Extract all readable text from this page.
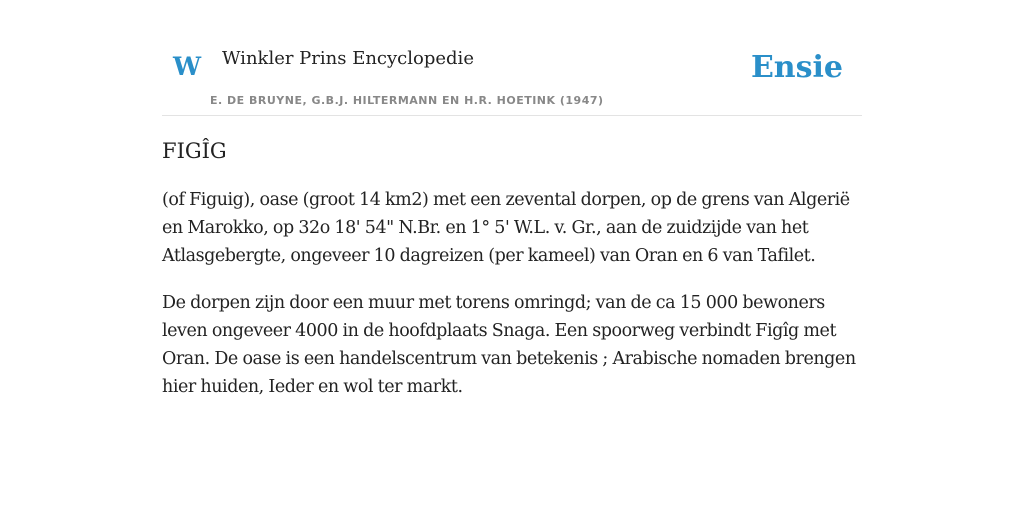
W Winkler Prins Encyclopedie
E. DE BRUYNE, G.B.J. HILTERMANN EN H.R. HOETINK (1947)
Ensie
FIGÎG

(of Figuig), oase (groot 14 km2) met een zevental dorpen, op de grens van Algerië en Marokko, op 32o 18' 54" N.Br. en 1° 5' W.L. v. Gr., aan de zuidzijde van het Atlasgebergte, ongeveer 10 dagreizen (per kameel) van Oran en 6 van Tafilet.

De dorpen zijn door een muur met torens omringd; van de ca 15 000 bewoners leven ongeveer 4000 in de hoofdplaats Snaga. Een spoorweg verbindt Figîg met Oran. De oase is een handelscentrum van betekenis ; Arabische nomaden brengen hier huiden, Ieder en wol ter markt.
